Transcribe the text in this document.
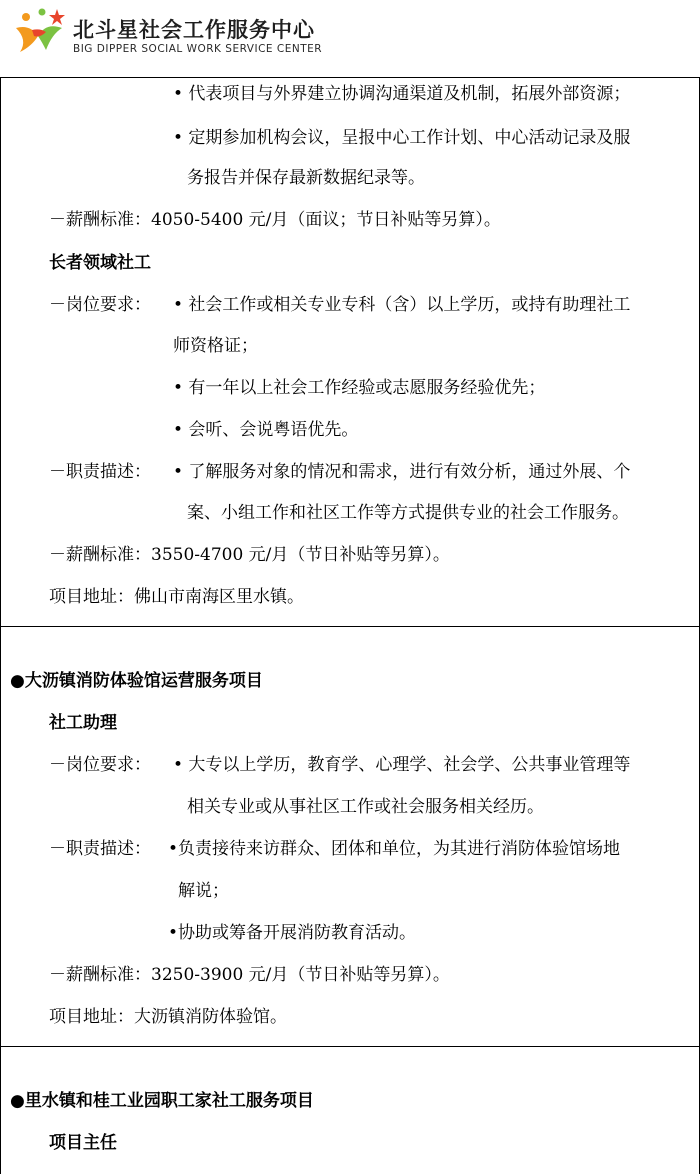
北斗星社会工作服务中心
BIG DIPPER SOCIAL WORK SERVICE CENTER
• 代表项目与外界建立协调沟通渠道及机制，拓展外部资源；
• 定期参加机构会议，呈报中心工作计划、中心活动记录及服
务报告并保存最新数据纪录等。
－薪酬标准：4050-5400 元/月（面议；节日补贴等另算）。
长者领域社工
－岗位要求： • 社会工作或相关专业专科（含）以上学历，或持有助理社工
师资格证；
• 有一年以上社会工作经验或志愿服务经验优先；
• 会听、会说粤语优先。
－职责描述： • 了解服务对象的情况和需求，进行有效分析，通过外展、个
案、小组工作和社区工作等方式提供专业的社会工作服务。
－薪酬标准：3550-4700 元/月（节日补贴等另算）。
项目地址：佛山市南海区里水镇。
●大沥镇消防体验馆运营服务项目
社工助理
－岗位要求： • 大专以上学历，教育学、心理学、社会学、公共事业管理等
相关专业或从事社区工作或社会服务相关经历。
－职责描述： •负责接待来访群众、团体和单位，为其进行消防体验馆场地
解说；
•协助或筹备开展消防教育活动。
－薪酬标准：3250-3900 元/月（节日补贴等另算）。
项目地址：大沥镇消防体验馆。
●里水镇和桂工业园职工家社工服务项目
项目主任
